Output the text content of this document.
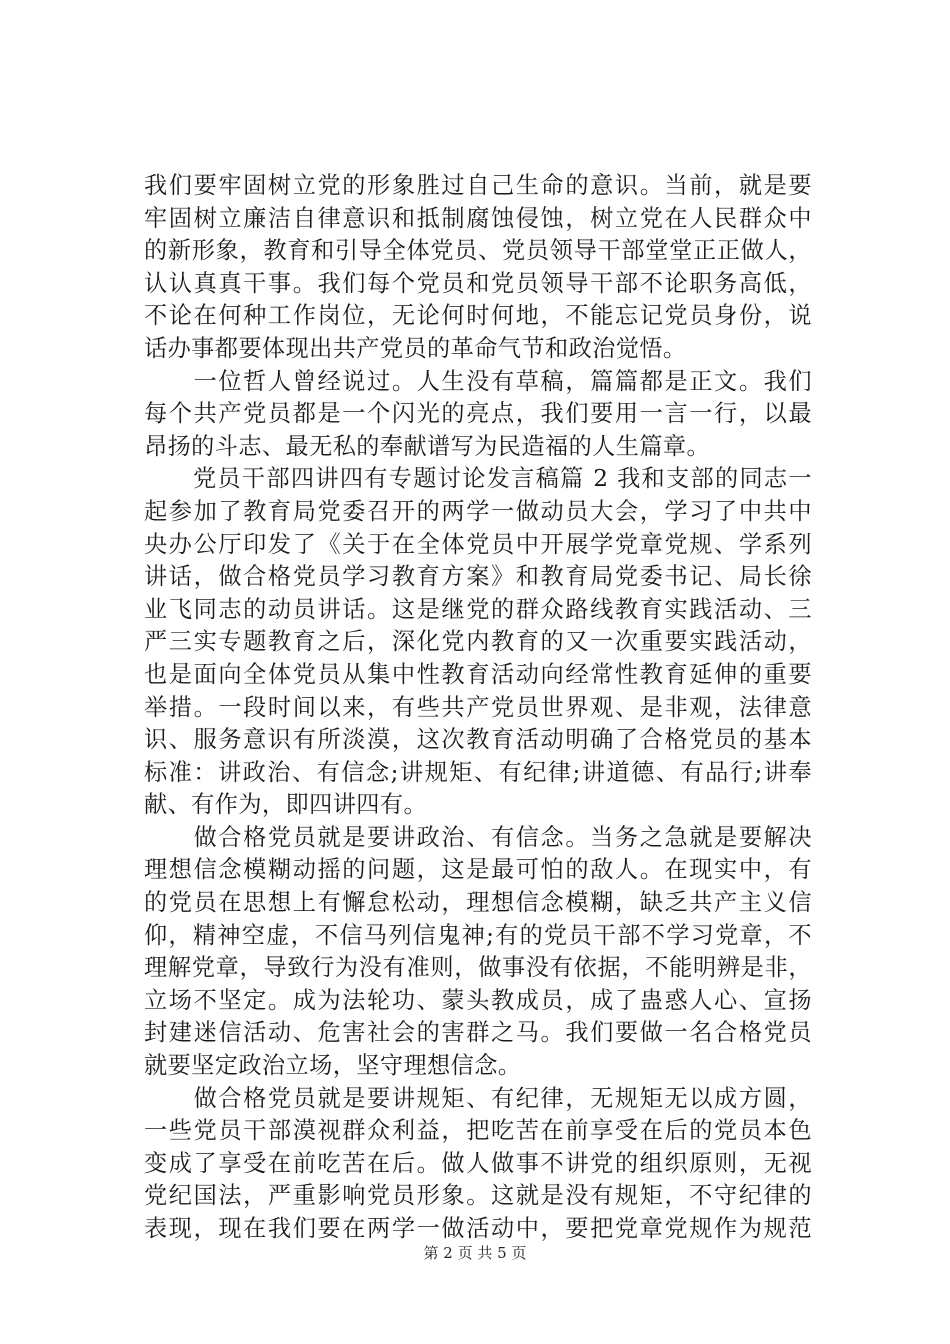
我们要牢固树立党的形象胜过自己生命的意识。当前，就是要
牢固树立廉洁自律意识和抵制腐蚀侵蚀，树立党在人民群众中
的新形象，教育和引导全体党员、党员领导干部堂堂正正做人，
认认真真干事。我们每个党员和党员领导干部不论职务高低，
不论在何种工作岗位，无论何时何地，不能忘记党员身份，说
话办事都要体现出共产党员的革命气节和政治觉悟。
　　一位哲人曾经说过。人生没有草稿，篇篇都是正文。我们
每个共产党员都是一个闪光的亮点，我们要用一言一行，以最
昂扬的斗志、最无私的奉献谱写为民造福的人生篇章。
　　党员干部四讲四有专题讨论发言稿篇 2 我和支部的同志一
起参加了教育局党委召开的两学一做动员大会，学习了中共中
央办公厅印发了《关于在全体党员中开展学党章党规、学系列
讲话，做合格党员学习教育方案》和教育局党委书记、局长徐
业飞同志的动员讲话。这是继党的群众路线教育实践活动、三
严三实专题教育之后，深化党内教育的又一次重要实践活动，
也是面向全体党员从集中性教育活动向经常性教育延伸的重要
举措。一段时间以来，有些共产党员世界观、是非观，法律意
识、服务意识有所淡漠，这次教育活动明确了合格党员的基本
标准：讲政治、有信念;讲规矩、有纪律;讲道德、有品行;讲奉
献、有作为，即四讲四有。
　　做合格党员就是要讲政治、有信念。当务之急就是要解决
理想信念模糊动摇的问题，这是最可怕的敌人。在现实中，有
的党员在思想上有懈怠松动，理想信念模糊，缺乏共产主义信
仰，精神空虚，不信马列信鬼神;有的党员干部不学习党章，不
理解党章，导致行为没有准则，做事没有依据，不能明辨是非，
立场不坚定。成为法轮功、蒙头教成员，成了蛊惑人心、宣扬
封建迷信活动、危害社会的害群之马。我们要做一名合格党员
就要坚定政治立场，坚守理想信念。
　　做合格党员就是要讲规矩、有纪律，无规矩无以成方圆，
一些党员干部漠视群众利益，把吃苦在前享受在后的党员本色
变成了享受在前吃苦在后。做人做事不讲党的组织原则，无视
党纪国法，严重影响党员形象。这就是没有规矩，不守纪律的
表现，现在我们要在两学一做活动中，要把党章党规作为规范
第 2 页 共 5 页
